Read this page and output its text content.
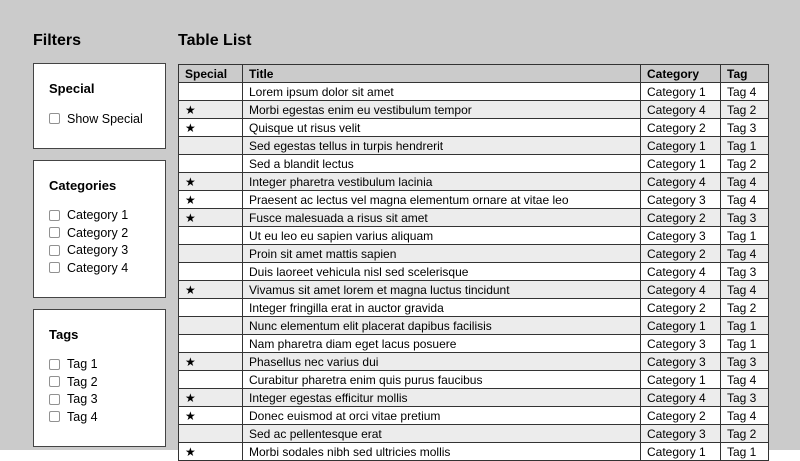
Filters
Special
Show Special
Categories
Category 1
Category 2
Category 3
Category 4
Tags
Tag 1
Tag 2
Tag 3
Tag 4
Table List
Special	Title	Category	Tag
	Lorem ipsum dolor sit amet	Category 1	Tag 4
★	Morbi egestas enim eu vestibulum tempor	Category 4	Tag 2
★	Quisque ut risus velit	Category 2	Tag 3
	Sed egestas tellus in turpis hendrerit	Category 1	Tag 1
	Sed a blandit lectus	Category 1	Tag 2
★	Integer pharetra vestibulum lacinia	Category 4	Tag 4
★	Praesent ac lectus vel magna elementum ornare at vitae leo	Category 3	Tag 4
★	Fusce malesuada a risus sit amet	Category 2	Tag 3
	Ut eu leo eu sapien varius aliquam	Category 3	Tag 1
	Proin sit amet mattis sapien	Category 2	Tag 4
	Duis laoreet vehicula nisl sed scelerisque	Category 4	Tag 3
★	Vivamus sit amet lorem et magna luctus tincidunt	Category 4	Tag 4
	Integer fringilla erat in auctor gravida	Category 2	Tag 2
	Nunc elementum elit placerat dapibus facilisis	Category 1	Tag 1
	Nam pharetra diam eget lacus posuere	Category 3	Tag 1
★	Phasellus nec varius dui	Category 3	Tag 3
	Curabitur pharetra enim quis purus faucibus	Category 1	Tag 4
★	Integer egestas efficitur mollis	Category 4	Tag 3
★	Donec euismod at orci vitae pretium	Category 2	Tag 4
	Sed ac pellentesque erat	Category 3	Tag 2
★	Morbi sodales nibh sed ultricies mollis	Category 1	Tag 1
